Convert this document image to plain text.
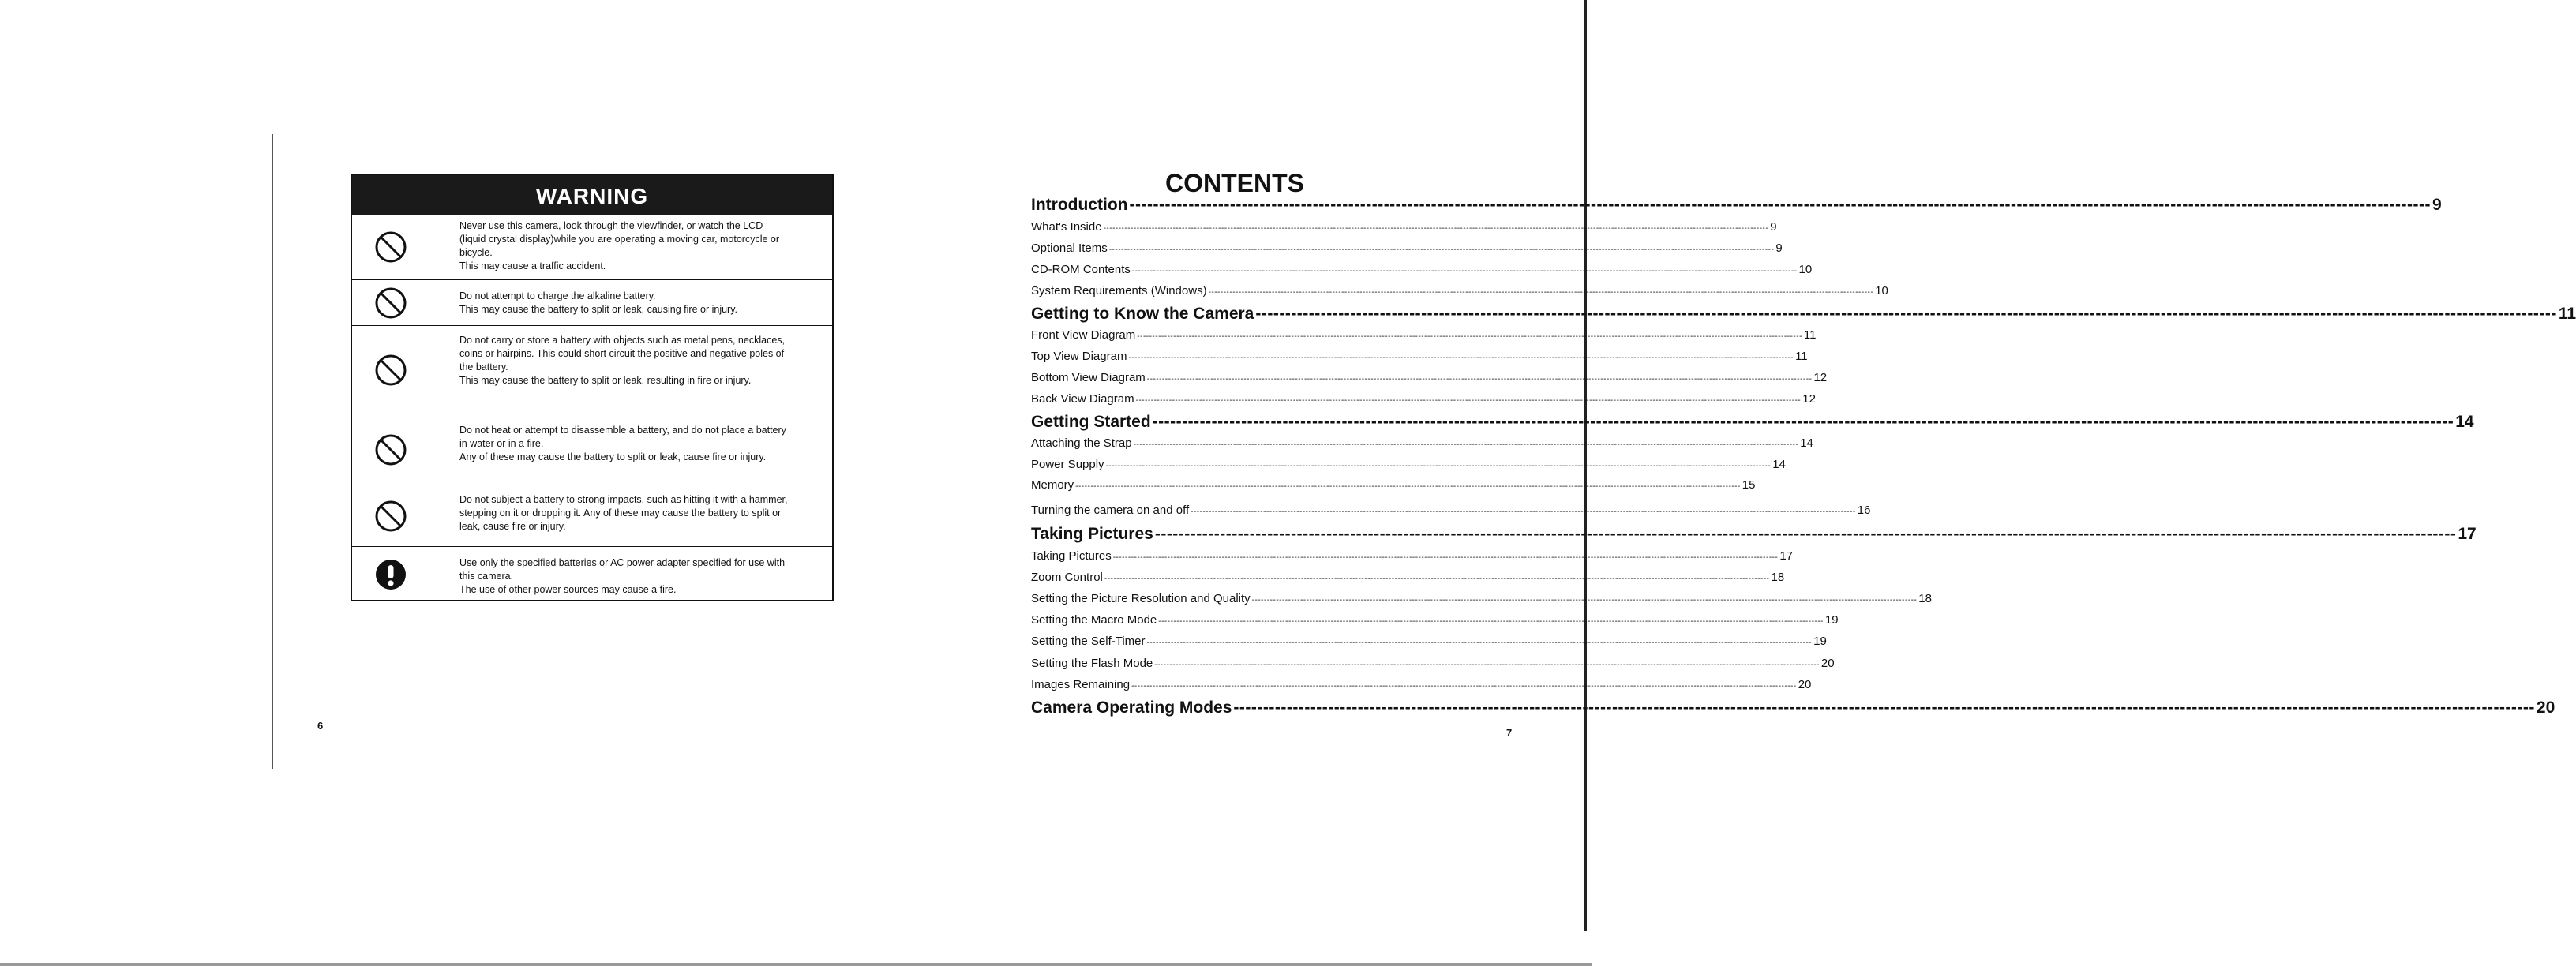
WARNING

Never use this camera, look through the viewfinder, or watch the LCD (liquid crystal display)while you are operating a moving car, motorcycle or bicycle.

This may cause a traffic accident.

Do not attempt to charge the alkaline battery.

This may cause the battery to split or leak, causing fire or injury.

Do not carry or store a battery with objects such as metal pens, necklaces, coins or hairpins. This could short circuit the positive and negative poles of the battery.

This may cause the battery to split or leak, resulting in fire or injury.

Do not heat or attempt to disassemble a battery, and do not place a battery in water or in a fire.

Any of these may cause the battery to split or leak, cause fire or injury.

Do not subject a battery to strong impacts, such as hitting it with a hammer, stepping on it or dropping it. Any of these may cause the battery to split or leak, cause fire or injury.

Use only the specified batteries or AC power adapter specified for use with this camera.

The use of other power sources may cause a fire.

6
CONTENTS
Introduction ---------------------------------------------------------------------------------------------------------------------------------------------------------------------------------------------------------------------------- 9
What's Inside ---------------------------------------------------------------------------------------------------------------------------------------------------------------------------------------------------------------------------- 9
Optional Items ---------------------------------------------------------------------------------------------------------------------------------------------------------------------------------------------------------------------------- 9
CD-ROM Contents ---------------------------------------------------------------------------------------------------------------------------------------------------------------------------------------------------------------------------- 10
System Requirements (Windows) ---------------------------------------------------------------------------------------------------------------------------------------------------------------------------------------------------------------------------- 10
Getting to Know the Camera ---------------------------------------------------------------------------------------------------------------------------------------------------------------------------------------------------------------------------- 11
Front View Diagram ---------------------------------------------------------------------------------------------------------------------------------------------------------------------------------------------------------------------------- 11
Top View Diagram ---------------------------------------------------------------------------------------------------------------------------------------------------------------------------------------------------------------------------- 11
Bottom View Diagram ---------------------------------------------------------------------------------------------------------------------------------------------------------------------------------------------------------------------------- 12
Back View Diagram ---------------------------------------------------------------------------------------------------------------------------------------------------------------------------------------------------------------------------- 12
Getting Started ---------------------------------------------------------------------------------------------------------------------------------------------------------------------------------------------------------------------------- 14
Attaching the Strap ---------------------------------------------------------------------------------------------------------------------------------------------------------------------------------------------------------------------------- 14
Power Supply ---------------------------------------------------------------------------------------------------------------------------------------------------------------------------------------------------------------------------- 14
Memory ---------------------------------------------------------------------------------------------------------------------------------------------------------------------------------------------------------------------------- 15
Turning the camera on and off ---------------------------------------------------------------------------------------------------------------------------------------------------------------------------------------------------------------------------- 16
Taking Pictures ---------------------------------------------------------------------------------------------------------------------------------------------------------------------------------------------------------------------------- 17
Taking Pictures ---------------------------------------------------------------------------------------------------------------------------------------------------------------------------------------------------------------------------- 17
Zoom Control ---------------------------------------------------------------------------------------------------------------------------------------------------------------------------------------------------------------------------- 18
Setting the Picture Resolution and Quality ---------------------------------------------------------------------------------------------------------------------------------------------------------------------------------------------------------------------------- 18
Setting the Macro Mode ---------------------------------------------------------------------------------------------------------------------------------------------------------------------------------------------------------------------------- 19
Setting the Self-Timer ---------------------------------------------------------------------------------------------------------------------------------------------------------------------------------------------------------------------------- 19
Setting the Flash Mode ---------------------------------------------------------------------------------------------------------------------------------------------------------------------------------------------------------------------------- 20
Images Remaining ---------------------------------------------------------------------------------------------------------------------------------------------------------------------------------------------------------------------------- 20
Camera Operating Modes ---------------------------------------------------------------------------------------------------------------------------------------------------------------------------------------------------------------------------- 20
7
